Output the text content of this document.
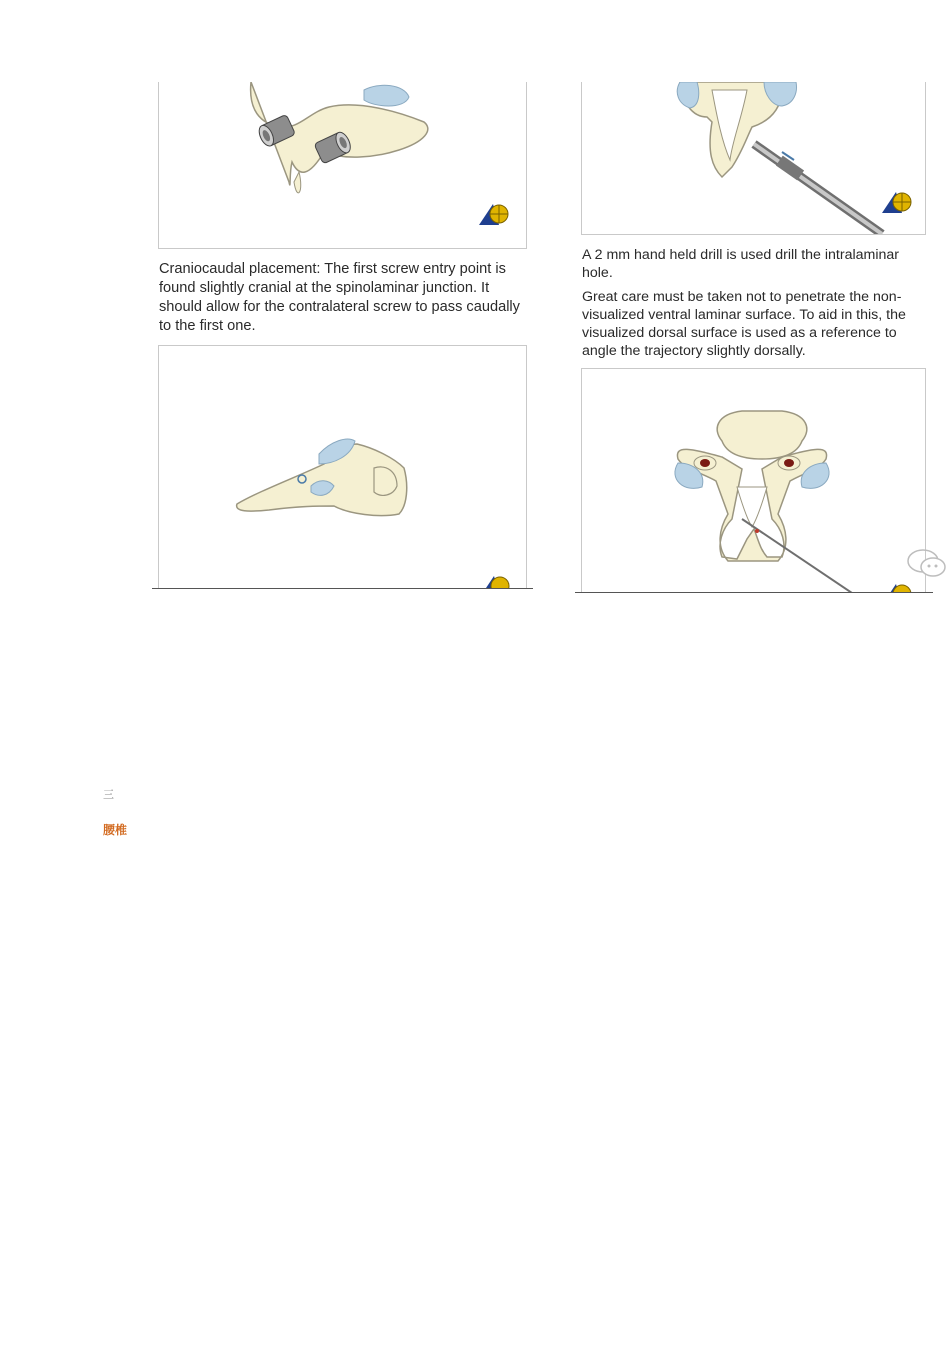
Craniocaudal placement: The first screw entry point is found slightly cranial at the spinolaminar junction. It should allow for the contralateral screw to pass caudally to the first one.
A 2 mm hand held drill is used drill the intralaminar hole.
Great care must be taken not to penetrate the non-visualized ventral laminar surface. To aid in this, the visualized dorsal surface is used as a reference to angle the trajectory slightly dorsally.
三
腰椎
